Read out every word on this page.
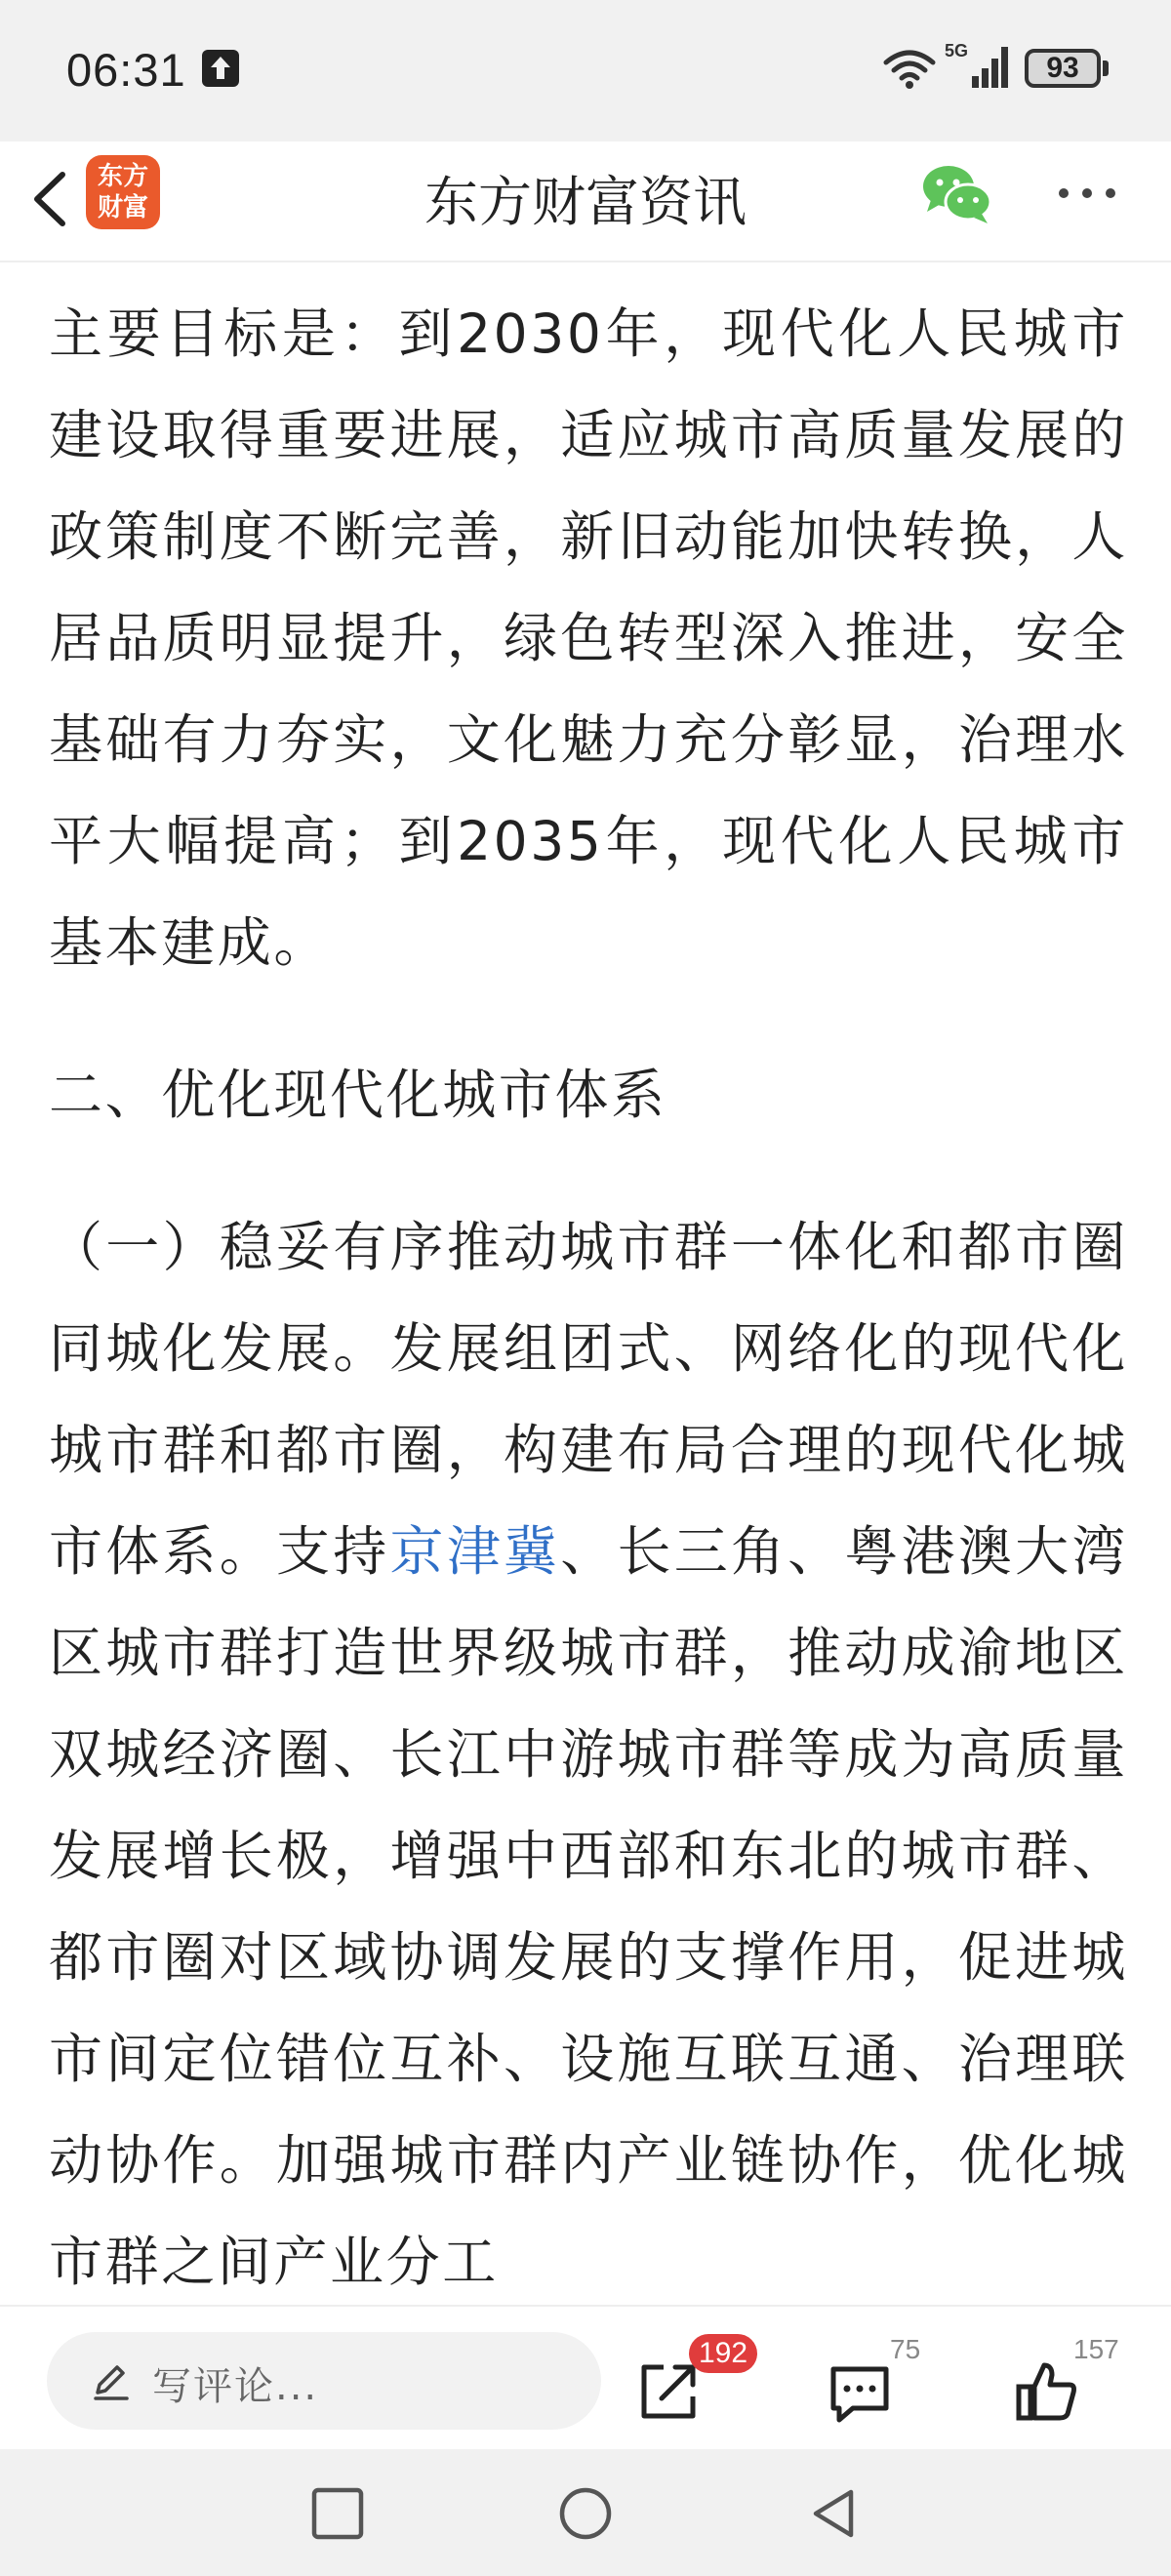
06:31	5G
93
东方财富	东方财富资讯

主要目标是：到2030年，现代化人民城市建设取得重要进展，适应城市高质量发展的政策制度不断完善，新旧动能加快转换，人居品质明显提升，绿色转型深入推进，安全基础有力夯实，文化魅力充分彰显，治理水平大幅提高；到2035年，现代化人民城市基本建成。

二、优化现代化城市体系

（一）稳妥有序推动城市群一体化和都市圈同城化发展。发展组团式、网络化的现代化城市群和都市圈，构建布局合理的现代化城市体系。支持京津冀、长三角、粤港澳大湾区城市群打造世界级城市群，推动成渝地区双城经济圈、长江中游城市群等成为高质量发展增长极，增强中西部和东北的城市群、都市圈对区域协调发展的支撑作用，促进城市间定位错位互补、设施互联互通、治理联动协作。加强城市群内产业链协作，优化城市群之间产业分工

写评论...
192	75	157
